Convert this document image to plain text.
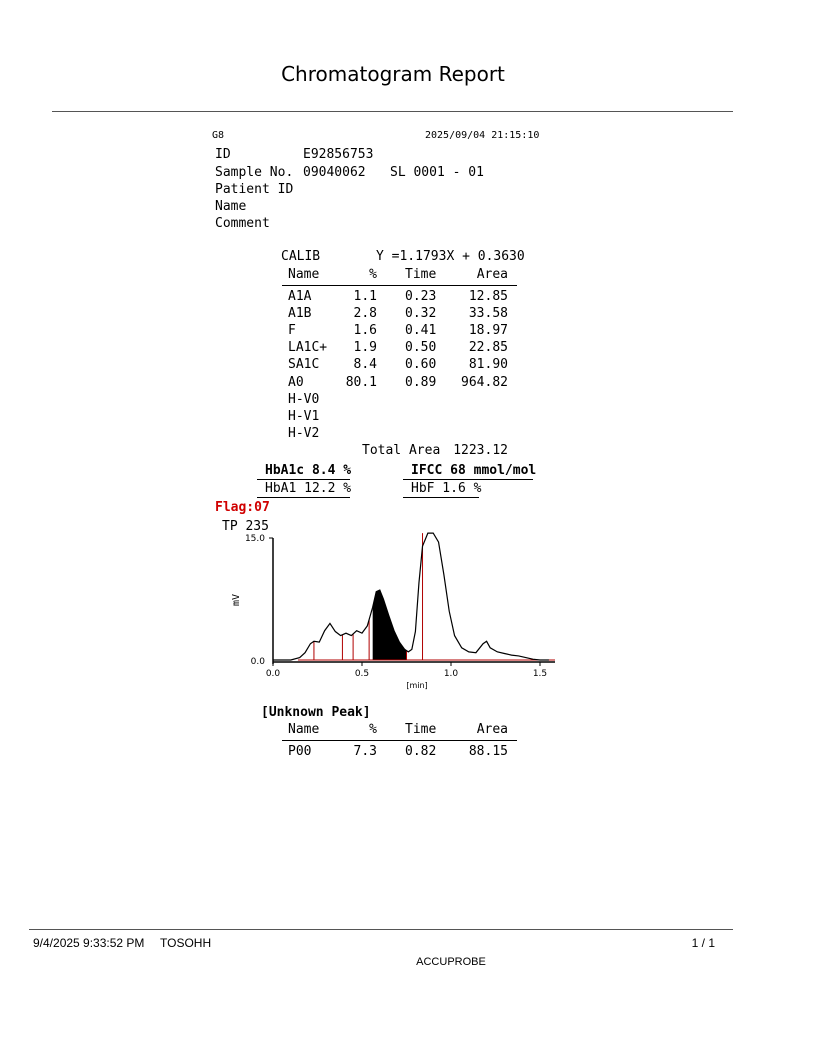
Chromatogram Report
G8	2025/09/04 21:15:10
ID	E92856753
Sample No. 09040062 SL 0001 - 01
Patient ID
Name
Comment
CALIB	Y =1.1793X + 0.3630
Name	% Time	Area
A1A	1.1 0.23	12.85
A1B	2.8 0.32	33.58
F	1.6 0.41	18.97
LA1C+	1.9 0.50	22.85
SA1C	8.4 0.60	81.90
A0	80.1 0.89	964.82
H-V0
H-V1
H-V2
Total Area 1223.12
HbA1c 8.4 %	IFCC 68 mmol/mol
HbA1 12.2 %	HbF 1.6 %
Flag:07
TP 235
0.0	0.5	1.0	1.5
15.0
0.0
mV
[min]
[Unknown Peak]
Name	% Time	Area
P00	7.3 0.82	88.15
9/4/2025 9:33:52 PM TOSOHH	1 / 1
ACCUPROBE
